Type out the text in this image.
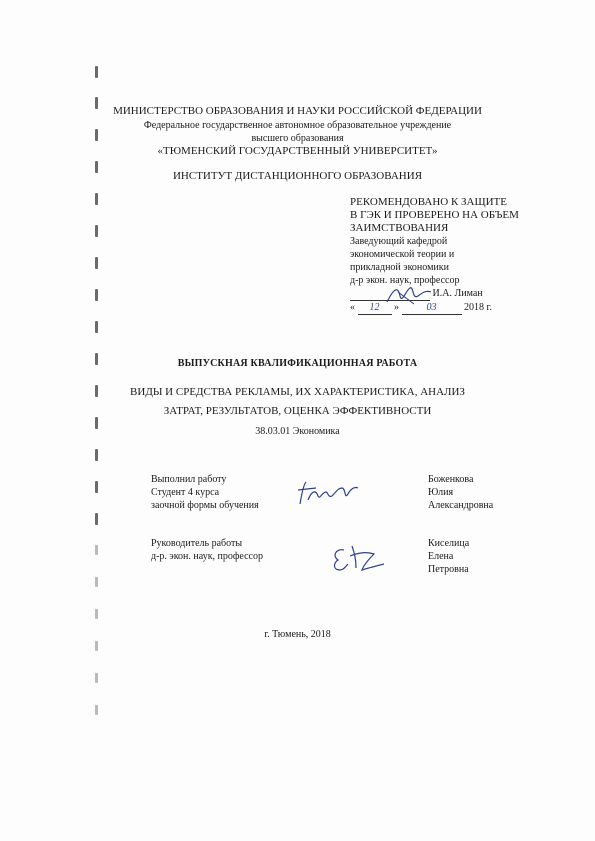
МИНИСТЕРСТВО ОБРАЗОВАНИЯ И НАУКИ РОССИЙСКОЙ ФЕДЕРАЦИИ
Федеральное государственное автономное образовательное учреждение
высшего образования
«ТЮМЕНСКИЙ ГОСУДАРСТВЕННЫЙ УНИВЕРСИТЕТ»
ИНСТИТУТ ДИСТАНЦИОННОГО ОБРАЗОВАНИЯ
РЕКОМЕНДОВАНО К ЗАЩИТЕ
В ГЭК И ПРОВЕРЕНО НА ОБЪЕМ
ЗАИМСТВОВАНИЯ
Заведующий кафедрой
экономической теории и
прикладной экономики
д-р экон. наук, профессор
И.А. Лиман
« 12 »	03	2018 г.
ВЫПУСКНАЯ КВАЛИФИКАЦИОННАЯ РАБОТА
ВИДЫ И СРЕДСТВА РЕКЛАМЫ, ИХ ХАРАКТЕРИСТИКА, АНАЛИЗ
ЗАТРАТ, РЕЗУЛЬТАТОВ, ОЦЕНКА ЭФФЕКТИВНОСТИ
38.03.01 Экономика
Выполнил работу
Студент 4 курса
заочной формы обучения
Боженкова
Юлия
Александровна
Руководитель работы
д-р. экон. наук, профессор
Киселица
Елена
Петровна
г. Тюмень, 2018
